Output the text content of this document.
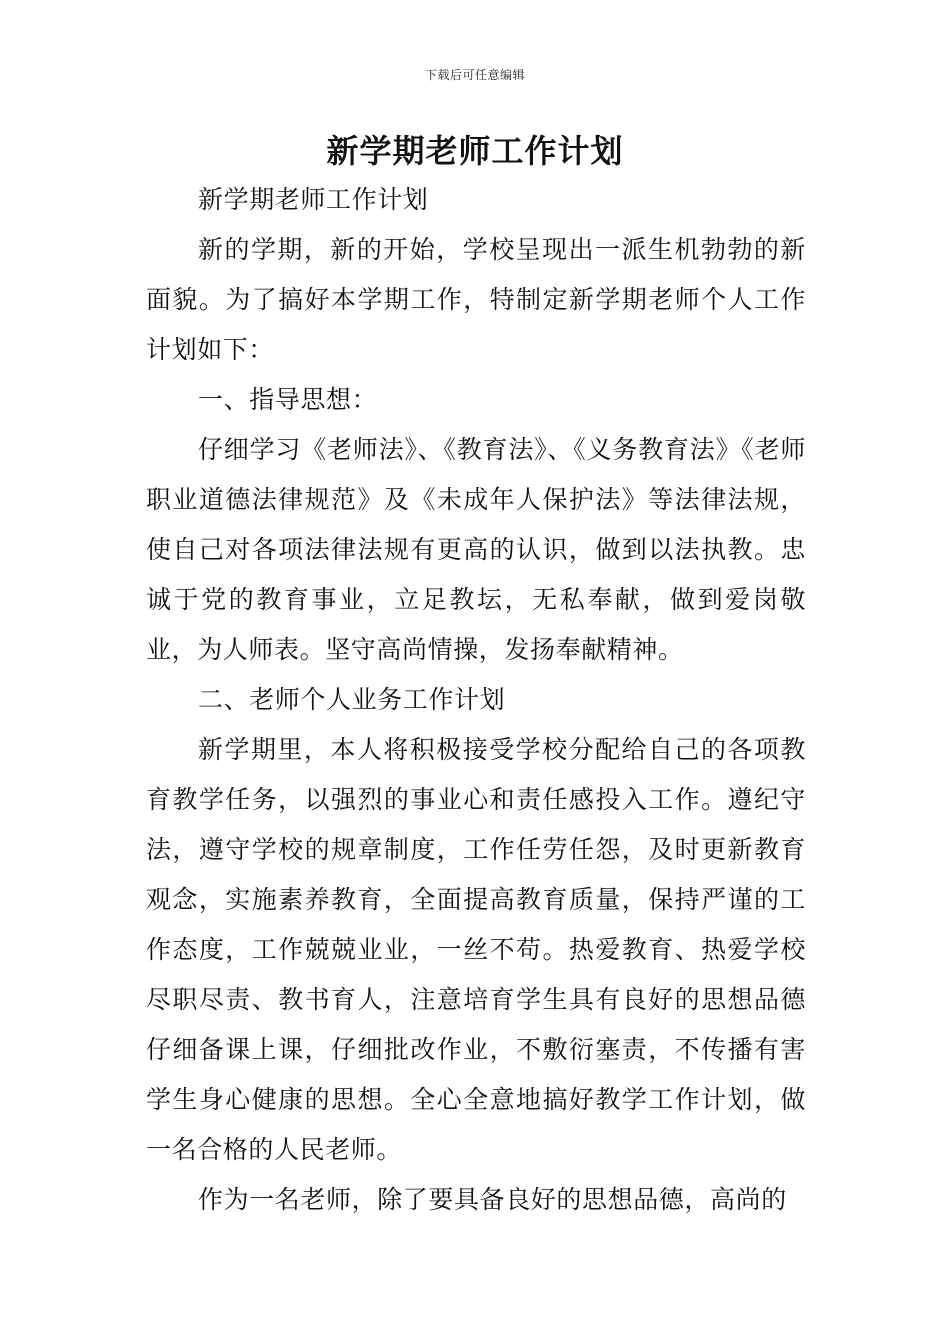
下载后可任意编辑
新学期老师工作计划

新学期老师工作计划

新的学期，新的开始，学校呈现出一派生机勃勃的新面貌。为了搞好本学期工作，特制定新学期老师个人工作计划如下：

一、指导思想：

仔细学习《老师法》、《教育法》、《义务教育法》《老师职业道德法律规范》及《未成年人保护法》等法律法规，使自己对各项法律法规有更高的认识，做到以法执教。忠诚于党的教育事业，立足教坛，无私奉献，做到爱岗敬业，为人师表。坚守高尚情操，发扬奉献精神。

二、老师个人业务工作计划

新学期里，本人将积极接受学校分配给自己的各项教育教学任务，以强烈的事业心和责任感投入工作。遵纪守法，遵守学校的规章制度，工作任劳任怨，及时更新教育观念，实施素养教育，全面提高教育质量，保持严谨的工作态度，工作兢兢业业，一丝不苟。热爱教育、热爱学校尽职尽责、教书育人，注意培育学生具有良好的思想品德仔细备课上课，仔细批改作业，不敷衍塞责，不传播有害学生身心健康的思想。全心全意地搞好教学工作计划，做一名合格的人民老师。

作为一名老师，除了要具备良好的思想品德，高尚的
